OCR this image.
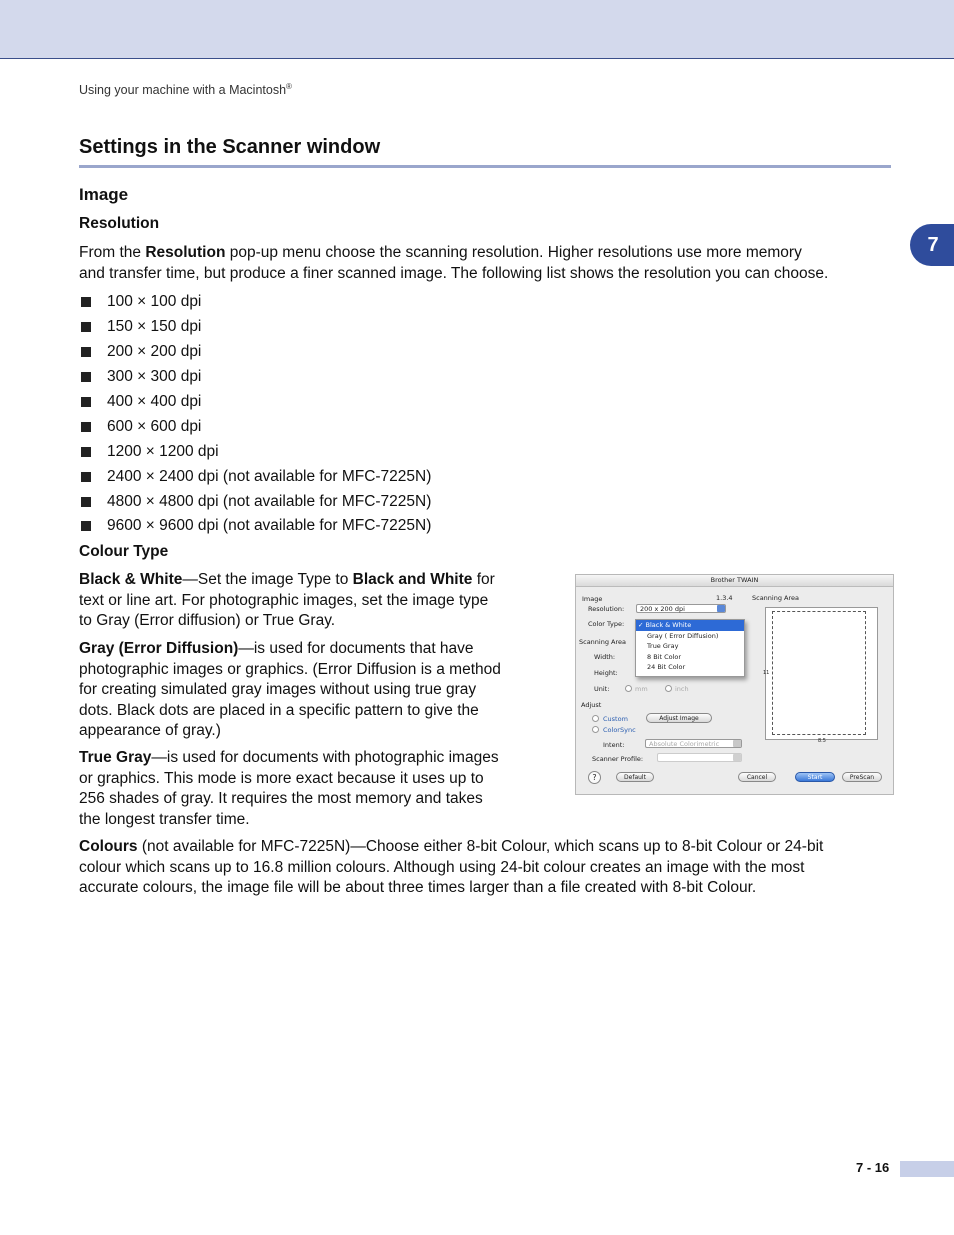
Using your machine with a Macintosh®
7
Settings in the Scanner window
Image
Resolution
From the Resolution pop-up menu choose the scanning resolution. Higher resolutions use more memory
and transfer time, but produce a finer scanned image. The following list shows the resolution you can choose.
100 × 100 dpi
150 × 150 dpi
200 × 200 dpi
300 × 300 dpi
400 × 400 dpi
600 × 600 dpi
1200 × 1200 dpi
2400 × 2400 dpi (not available for MFC-7225N)
4800 × 4800 dpi (not available for MFC-7225N)
9600 × 9600 dpi (not available for MFC-7225N)
Colour Type
Black & White—Set the image Type to Black and White for
text or line art. For photographic images, set the image type
to Gray (Error diffusion) or True Gray.
Gray (Error Diffusion)—is used for documents that have
photographic images or graphics. (Error Diffusion is a method
for creating simulated gray images without using true gray
dots. Black dots are placed in a specific pattern to give the
appearance of gray.)
True Gray—is used for documents with photographic images
or graphics. This mode is more exact because it uses up to
256 shades of gray. It requires the most memory and takes
the longest transfer time.
Colours (not available for MFC-7225N)—Choose either 8-bit Colour, which scans up to 8-bit Colour or 24-bit
colour which scans up to 16.8 million colours. Although using 24-bit colour creates an image with the most
accurate colours, the image file will be about three times larger than a file created with 8-bit Colour.
Brother TWAIN
Image	1.3.4	Scanning Area
Resolution:	200 x 200 dpi
Color Type:
Scanning Area
Width:
Height:
Unit:	mm	inch
✓ Black & White
Gray ( Error Diffusion)
True Gray
8 Bit Color
24 Bit Color
Adjust
Custom
ColorSync
Adjust Image
Intent:	Absolute Colorimetric
Scanner Profile:
11
8.5
?	Default	Cancel	Start	PreScan
7 - 16
